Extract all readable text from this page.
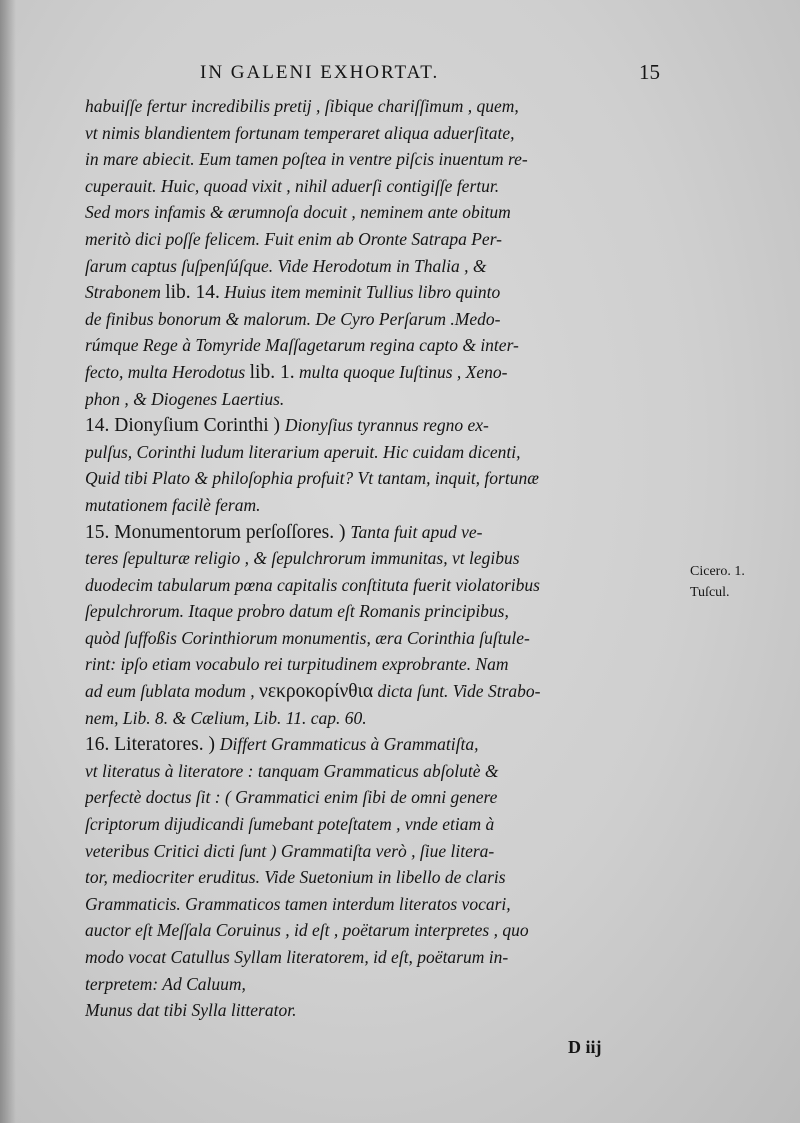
IN GALENI EXHORTAT.	15
habuiſſe fertur incredibilis pretij , ſibique chariſſimum , quem,
vt nimis blandientem fortunam temperaret aliqua aduerſitate,
in mare abiecit. Eum tamen poſtea in ventre piſcis inuentum re-
cuperauit. Huic, quoad vixit , nihil aduerſi contigiſſe fertur.
Sed mors infamis & ærumnoſa docuit , neminem ante obitum
meritò dici poſſe felicem. Fuit enim ab Oronte Satrapa Per-
ſarum captus ſuſpenſúſque. Vide Herodotum in Thalia , &
Strabonem lib. 14. Huius item meminit Tullius libro quinto
de finibus bonorum & malorum. De Cyro Perſarum .Medo-
rúmque Rege à Tomyride Maſſagetarum regina capto & inter-
fecto, multa Herodotus lib. 1. multa quoque Iuſtinus , Xeno-
phon , & Diogenes Laertius.
14. Dionyſium Corinthi ) Dionyſius tyrannus regno ex-
pulſus, Corinthi ludum literarium aperuit. Hic cuidam dicenti,
Quid tibi Plato & philoſophia profuit? Vt tantam, inquit, fortunæ
mutationem facilè feram.
15. Monumentorum perſoſſores. ) Tanta fuit apud ve-
teres ſepulturæ religio , & ſepulchrorum immunitas, vt legibus
duodecim tabularum pœna capitalis conſtituta fuerit violatoribus
ſepulchrorum. Itaque probro datum eſt Romanis principibus,
quòd ſuffoßis Corinthiorum monumentis, æra Corinthia ſuſtule-
rint: ipſo etiam vocabulo rei turpitudinem exprobrante. Nam
ad eum ſublata modum , νεκροκορίνθια dicta ſunt. Vide Strabo-
nem, Lib. 8. & Cælium, Lib. 11. cap. 60.
16. Literatores. ) Differt Grammaticus à Grammatiſta,
vt literatus à literatore : tanquam Grammaticus abſolutè &
perfectè doctus ſit : ( Grammatici enim ſibi de omni genere
ſcriptorum dijudicandi ſumebant poteſtatem , vnde etiam à
veteribus Critici dicti ſunt ) Grammatiſta verò , ſiue litera-
tor, mediocriter eruditus. Vide Suetonium in libello de claris
Grammaticis. Grammaticos tamen interdum literatos vocari,
auctor eſt Meſſala Coruinus , id eſt , poëtarum interpretes , quo
modo vocat Catullus Syllam literatorem, id eſt, poëtarum in-
terpretem: Ad Caluum,
Munus dat tibi Sylla litterator.
Cicero. 1.
Tuſcul.
D iij
